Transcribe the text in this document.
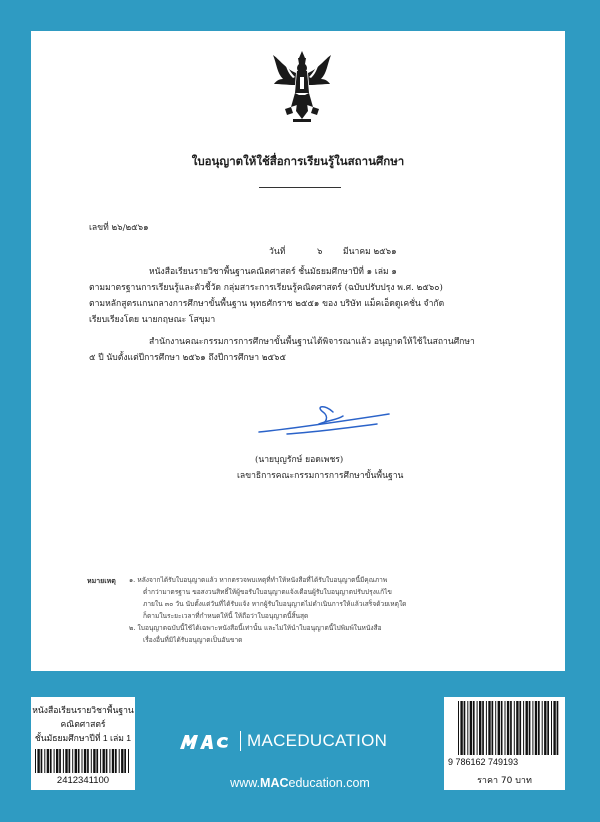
ใบอนุญาตให้ใช้สื่อการเรียนรู้ในสถานศึกษา
เลขที่ ๒๖/๒๕๖๑
วันที่	๖ มีนาคม ๒๕๖๑
หนังสือเรียนรายวิชาพื้นฐานคณิตศาสตร์ ชั้นมัธยมศึกษาปีที่ ๑ เล่ม ๑
ตามมาตรฐานการเรียนรู้และตัวชี้วัด กลุ่มสาระการเรียนรู้คณิตศาสตร์ (ฉบับปรับปรุง พ.ศ. ๒๕๖๐)
ตามหลักสูตรแกนกลางการศึกษาขั้นพื้นฐาน พุทธศักราช ๒๕๕๑ ของ บริษัท แม็คเอ็ดดูเคชั่น จำกัด
เรียบเรียงโดย นายกฤษณะ โสขุมา
สำนักงานคณะกรรมการการศึกษาขั้นพื้นฐานได้พิจารณาแล้ว อนุญาตให้ใช้ในสถานศึกษา
๕ ปี นับตั้งแต่ปีการศึกษา ๒๕๖๑ ถึงปีการศึกษา ๒๕๖๕
(นายบุญรักษ์ ยอดเพชร)
เลขาธิการคณะกรรมการการศึกษาขั้นพื้นฐาน
หมายเหตุ ๑. หลังจากได้รับใบอนุญาตแล้ว หากตรวจพบเหตุที่ทำให้หนังสือที่ได้รับใบอนุญาตนี้มีคุณภาพ
ต่ำกว่ามาตรฐาน ขอสงวนสิทธิ์ให้ผู้ขอรับใบอนุญาตแจ้งเตือนผู้รับใบอนุญาตปรับปรุงแก้ไข
ภายใน ๓๐ วัน นับตั้งแต่วันที่ได้รับแจ้ง หากผู้รับใบอนุญาตไม่ดำเนินการให้แล้วเสร็จด้วยเหตุใด
ก็ตามในระยะเวลาที่กำหนดให้นี้ ให้ถือว่าใบอนุญาตนี้สิ้นสุด
๒. ใบอนุญาตฉบับนี้ใช้ได้เฉพาะหนังสือนี้เท่านั้น และไม่ให้นำใบอนุญาตนี้ไปพิมพ์ในหนังสือ
เรื่องอื่นที่มิได้รับอนุญาตเป็นอันขาด
หนังสือเรียนรายวิชาพื้นฐาน
คณิตศาสตร์
ชั้นมัธยมศึกษาปีที่ 1 เล่ม 1
2412341100
MACEDUCATION
www.MACeducation.com
9 786162 749193
ราคา 70 บาท
